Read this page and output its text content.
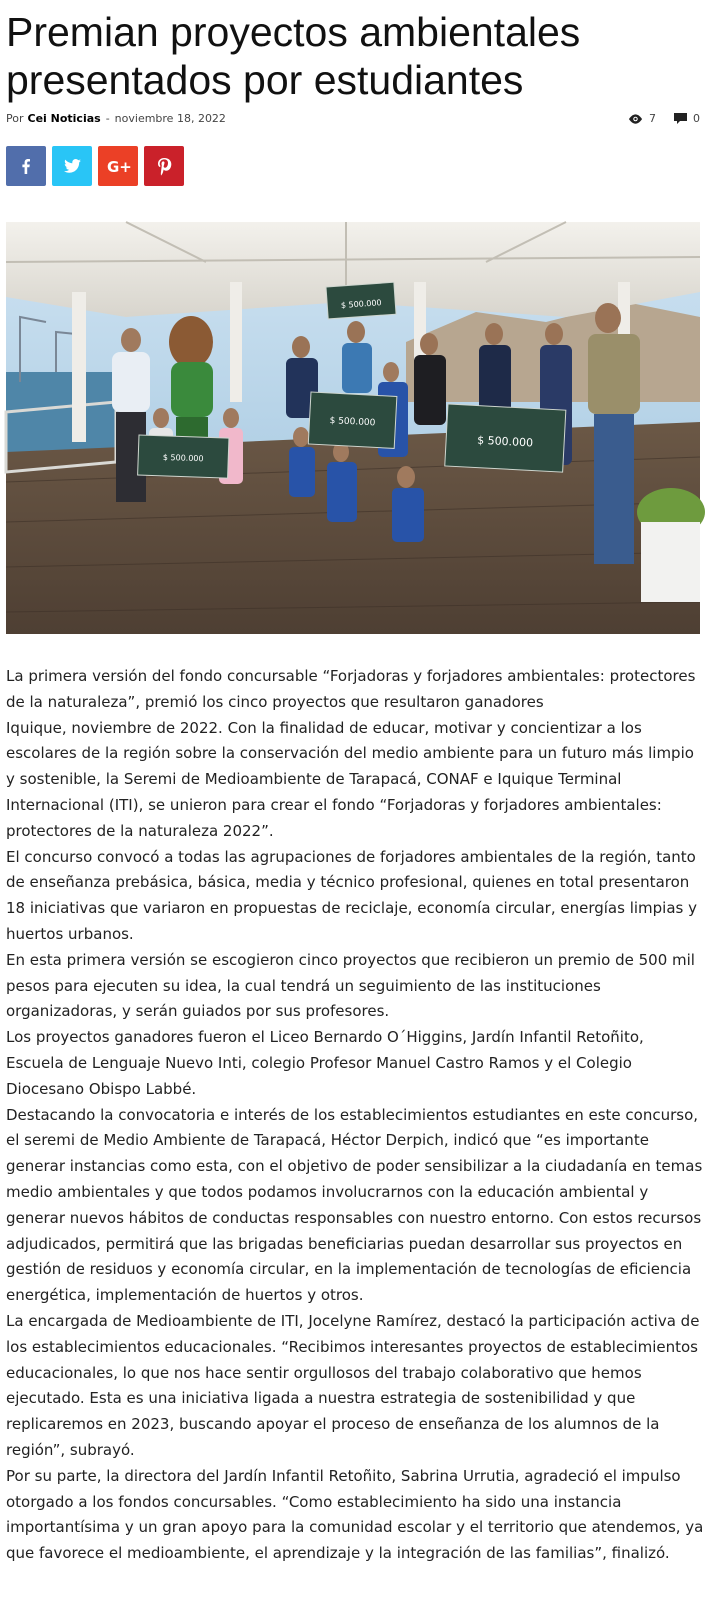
Premian proyectos ambientales presentados por estudiantes
Por Cei Noticias - noviembre 18, 2022	7	0
G+
$ 500.000
$ 500.000
$ 500.000
$ 500.000

La primera versión del fondo concursable “Forjadoras y forjadores ambientales: protectores de la naturaleza”, premió los cinco proyectos que resultaron ganadores

Iquique, noviembre de 2022. Con la finalidad de educar, motivar y concientizar a los escolares de la región sobre la conservación del medio ambiente para un futuro más limpio y sostenible, la Seremi de Medioambiente de Tarapacá, CONAF e Iquique Terminal Internacional (ITI), se unieron para crear el fondo “Forjadoras y forjadores ambientales: protectores de la naturaleza 2022”.

El concurso convocó a todas las agrupaciones de forjadores ambientales de la región, tanto de enseñanza prebásica, básica, media y técnico profesional, quienes en total presentaron 18 iniciativas que variaron en propuestas de reciclaje, economía circular, energías limpias y huertos urbanos.

En esta primera versión se escogieron cinco proyectos que recibieron un premio de 500 mil pesos para ejecuten su idea, la cual tendrá un seguimiento de las instituciones organizadoras, y serán guiados por sus profesores.

Los proyectos ganadores fueron el Liceo Bernardo O´Higgins, Jardín Infantil Retoñito, Escuela de Lenguaje Nuevo Inti, colegio Profesor Manuel Castro Ramos y el Colegio Diocesano Obispo Labbé.

Destacando la convocatoria e interés de los establecimientos estudiantes en este concurso, el seremi de Medio Ambiente de Tarapacá, Héctor Derpich, indicó que “es importante generar instancias como esta, con el objetivo de poder sensibilizar a la ciudadanía en temas medio ambientales y que todos podamos involucrarnos con la educación ambiental y generar nuevos hábitos de conductas responsables con nuestro entorno. Con estos recursos adjudicados, permitirá que las brigadas beneficiarias puedan desarrollar sus proyectos en gestión de residuos y economía circular, en la implementación de tecnologías de eficiencia energética, implementación de huertos y otros.

La encargada de Medioambiente de ITI, Jocelyne Ramírez, destacó la participación activa de los establecimientos educacionales. “Recibimos interesantes proyectos de establecimientos educacionales, lo que nos hace sentir orgullosos del trabajo colaborativo que hemos ejecutado. Esta es una iniciativa ligada a nuestra estrategia de sostenibilidad y que replicaremos en 2023, buscando apoyar el proceso de enseñanza de los alumnos de la región”, subrayó.

Por su parte, la directora del Jardín Infantil Retoñito, Sabrina Urrutia, agradeció el impulso otorgado a los fondos concursables. “Como establecimiento ha sido una instancia importantísima y un gran apoyo para la comunidad escolar y el territorio que atendemos, ya que favorece el medioambiente, el aprendizaje y la integración de las familias”, finalizó.
